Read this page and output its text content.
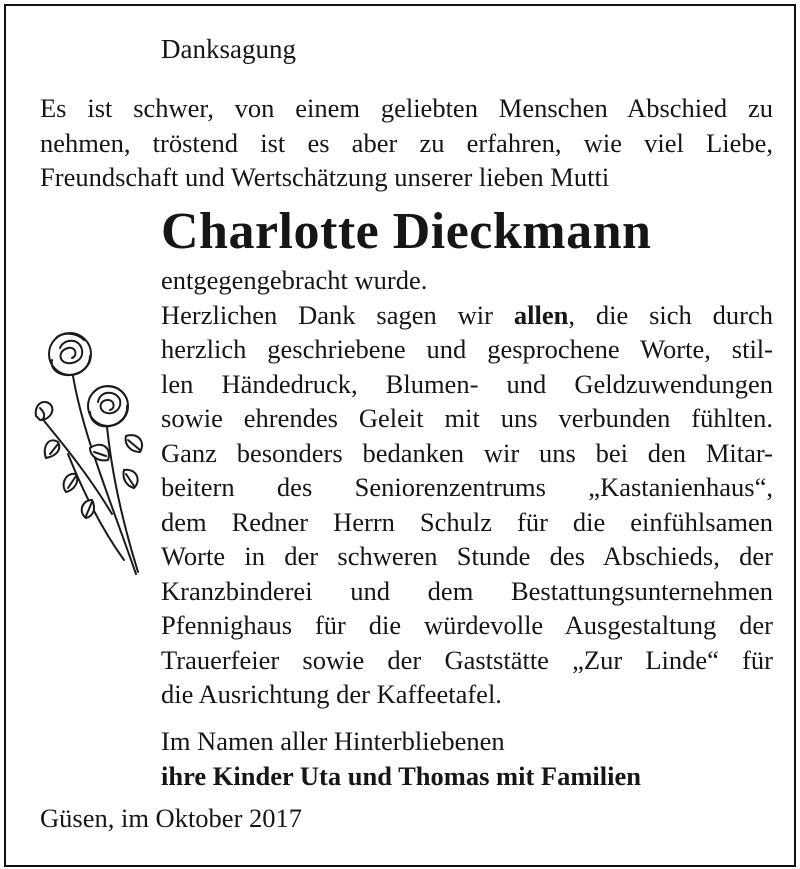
Danksagung
Es ist schwer, von einem geliebten Menschen Abschied zu
nehmen, tröstend ist es aber zu erfahren, wie viel Liebe,
Freundschaft und Wertschätzung unserer lieben Mutti
Charlotte Dieckmann
entgegengebracht wurde.
Herzlichen Dank sagen wir allen, die sich durch
herzlich geschriebene und gesprochene Worte, stil-
len Händedruck, Blumen- und Geldzuwendungen
sowie ehrendes Geleit mit uns verbunden fühlten.
Ganz besonders bedanken wir uns bei den Mitar-
beitern des Seniorenzentrums „Kastanienhaus“,
dem Redner Herrn Schulz für die einfühlsamen
Worte in der schweren Stunde des Abschieds, der
Kranzbinderei und dem Bestattungsunternehmen
Pfennighaus für die würdevolle Ausgestaltung der
Trauerfeier sowie der Gaststätte „Zur Linde“ für
die Ausrichtung der Kaffeetafel.
Im Namen aller Hinterbliebenen
ihre Kinder Uta und Thomas mit Familien
Güsen, im Oktober 2017
